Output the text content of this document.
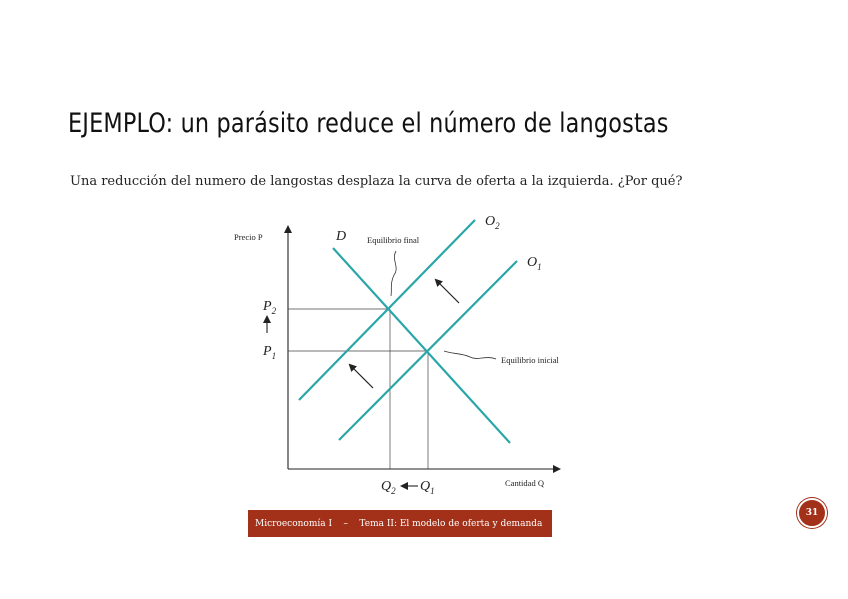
EJEMPLO: un parásito reduce el número de langostas

Una reducción del numero de langostas desplaza la curva de oferta a la izquierda. ¿Por qué?

D
$O_2$
$O_1$
Precio P
Cantidad Q
$P_2$
$P_1$
$Q_2$ $Q_1$
Equilibrio final
Equilibrio inicial
Microeconomía I    –    Tema II: El modelo de oferta y demanda
31
